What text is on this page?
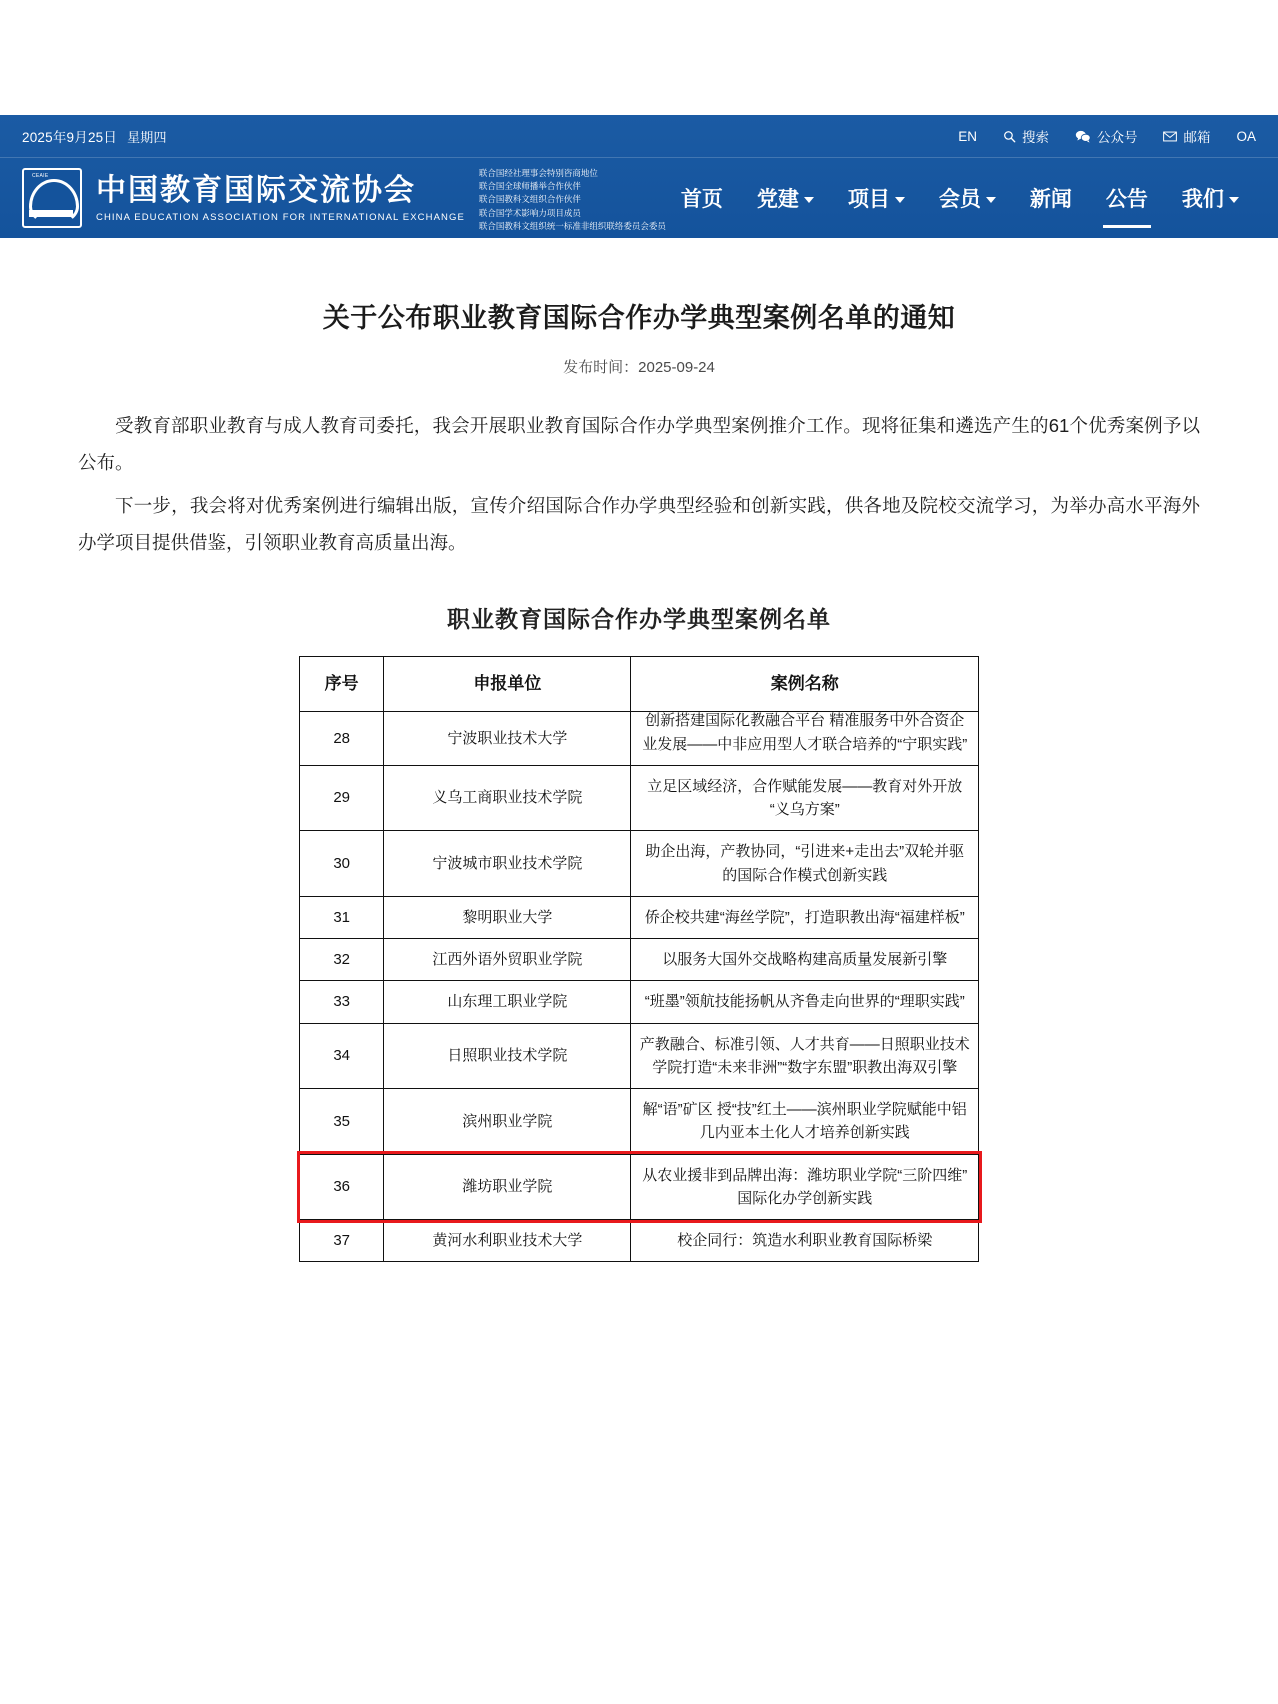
2025年9月25日 星期四	EN	搜索	公众号	邮箱 OA
CEAIE 中国教育国际交流协会
CHINA EDUCATION ASSOCIATION FOR INTERNATIONAL EXCHANGE
联合国经社理事会特别咨商地位
联合国全球师播举合作伙伴
联合国教科文组织合作伙伴
联合国学术影响力项目成员
联合国教科文组织统一标准非组织联络委员会委员
首页 党建 项目 会员 新闻 公告 我们
关于公布职业教育国际合作办学典型案例名单的通知
发布时间：2025-09-24

受教育部职业教育与成人教育司委托，我会开展职业教育国际合作办学典型案例推介工作。现将征集和遴选产生的61个优秀案例予以公布。

下一步，我会将对优秀案例进行编辑出版，宣传介绍国际合作办学典型经验和创新实践，供各地及院校交流学习，为举办高水平海外办学项目提供借鉴，引领职业教育高质量出海。

职业教育国际合作办学典型案例名单
序号	申报单位	案例名称
28	宁波职业技术大学	创新搭建国际化教融合平台 精准服务中外合资企业发展——中非应用型人才联合培养的“宁职实践”

29	义乌工商职业技术学院	立足区域经济，合作赋能发展——教育对外开放“义乌方案”
30	宁波城市职业技术学院	助企出海，产教协同，“引进来+走出去”双轮并驱的国际合作模式创新实践
31	黎明职业大学	侨企校共建“海丝学院”，打造职教出海“福建样板”
32	江西外语外贸职业学院	以服务大国外交战略构建高质量发展新引擎
33	山东理工职业学院	“班墨”领航技能扬帆从齐鲁走向世界的“理职实践”
34	日照职业技术学院	产教融合、标准引领、人才共育——日照职业技术学院打造“未来非洲”“数字东盟”职教出海双引擎
35	滨州职业学院	解“语”矿区 授“技”红土——滨州职业学院赋能中铝几内亚本土化人才培养创新实践
36	潍坊职业学院	从农业援非到品牌出海：潍坊职业学院“三阶四维”国际化办学创新实践
37	黄河水利职业技术大学	校企同行：筑造水利职业教育国际桥梁
